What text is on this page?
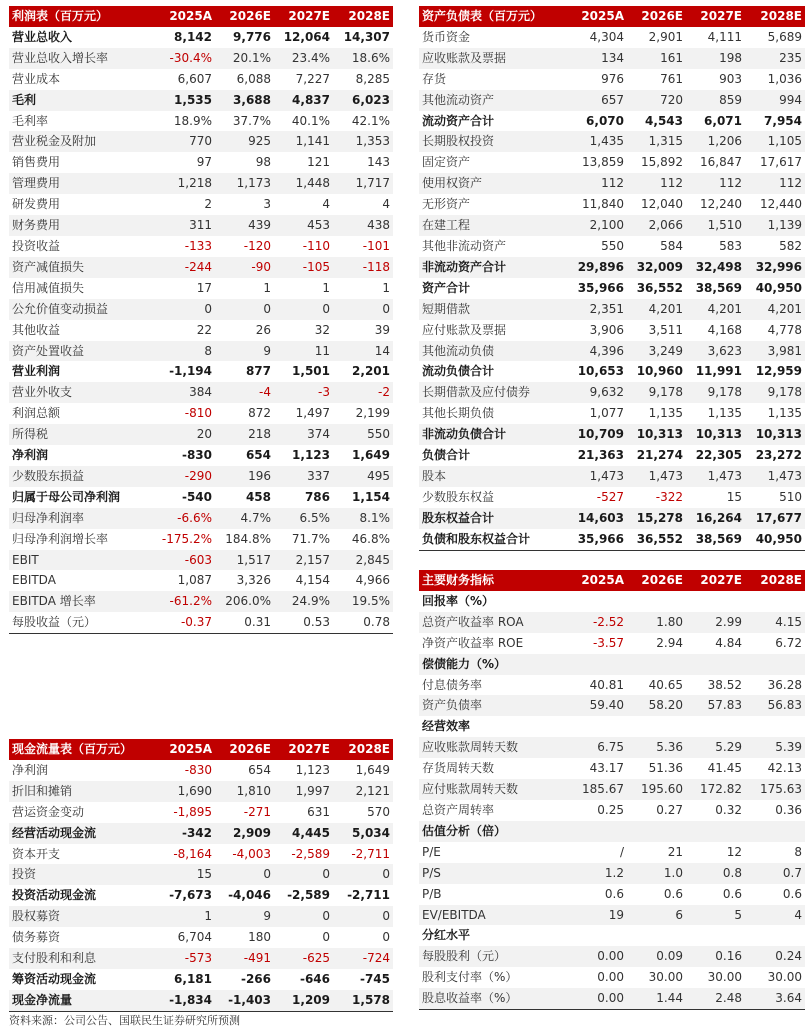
利润表（百万元）	2025A	2026E	2027E	2028E
营业总收入	8,142	9,776	12,064	14,307
营业总收入增长率	-30.4%	20.1%	23.4%	18.6%
营业成本	6,607	6,088	7,227	8,285
毛利	1,535	3,688	4,837	6,023
毛利率	18.9%	37.7%	40.1%	42.1%
营业税金及附加	770	925	1,141	1,353
销售费用	97	98	121	143
管理费用	1,218	1,173	1,448	1,717
研发费用	2	3	4	4
财务费用	311	439	453	438
投资收益	-133	-120	-110	-101
资产减值损失	-244	-90	-105	-118
信用减值损失	17	1	1	1
公允价值变动损益	0	0	0	0
其他收益	22	26	32	39
资产处置收益	8	9	11	14
营业利润	-1,194	877	1,501	2,201
营业外收支	384	-4	-3	-2
利润总额	-810	872	1,497	2,199
所得税	20	218	374	550
净利润	-830	654	1,123	1,649
少数股东损益	-290	196	337	495
归属于母公司净利润	-540	458	786	1,154
归母净利润率	-6.6%	4.7%	6.5%	8.1%
归母净利润增长率	-175.2%	184.8%	71.7%	46.8%
EBIT	-603	1,517	2,157	2,845
EBITDA	1,087	3,326	4,154	4,966
EBITDA 增长率	-61.2%	206.0%	24.9%	19.5%
每股收益（元）	-0.37	0.31	0.53	0.78
资产负债表（百万元）	2025A	2026E	2027E	2028E
货币资金	4,304	2,901	4,111	5,689
应收账款及票据	134	161	198	235
存货	976	761	903	1,036
其他流动资产	657	720	859	994
流动资产合计	6,070	4,543	6,071	7,954
长期股权投资	1,435	1,315	1,206	1,105
固定资产	13,859	15,892	16,847	17,617
使用权资产	112	112	112	112
无形资产	11,840	12,040	12,240	12,440
在建工程	2,100	2,066	1,510	1,139
其他非流动资产	550	584	583	582
非流动资产合计	29,896	32,009	32,498	32,996
资产合计	35,966	36,552	38,569	40,950
短期借款	2,351	4,201	4,201	4,201
应付账款及票据	3,906	3,511	4,168	4,778
其他流动负债	4,396	3,249	3,623	3,981
流动负债合计	10,653	10,960	11,991	12,959
长期借款及应付债券	9,632	9,178	9,178	9,178
其他长期负债	1,077	1,135	1,135	1,135
非流动负债合计	10,709	10,313	10,313	10,313
负债合计	21,363	21,274	22,305	23,272
股本	1,473	1,473	1,473	1,473
少数股东权益	-527	-322	15	510
股东权益合计	14,603	15,278	16,264	17,677
负债和股东权益合计	35,966	36,552	38,569	40,950
现金流量表（百万元）	2025A	2026E	2027E	2028E
净利润	-830	654	1,123	1,649
折旧和摊销	1,690	1,810	1,997	2,121
营运资金变动	-1,895	-271	631	570
经营活动现金流	-342	2,909	4,445	5,034
资本开支	-8,164	-4,003	-2,589	-2,711
投资	15	0	0	0
投资活动现金流	-7,673	-4,046	-2,589	-2,711
股权募资	1	9	0	0
债务募资	6,704	180	0	0
支付股利和利息	-573	-491	-625	-724
筹资活动现金流	6,181	-266	-646	-745
现金净流量	-1,834	-1,403	1,209	1,578
主要财务指标	2025A	2026E	2027E	2028E
回报率（%）				
总资产收益率 ROA	-2.52	1.80	2.99	4.15
净资产收益率 ROE	-3.57	2.94	4.84	6.72
偿债能力（%）				
付息债务率	40.81	40.65	38.52	36.28
资产负债率	59.40	58.20	57.83	56.83
经营效率				
应收账款周转天数	6.75	5.36	5.29	5.39
存货周转天数	43.17	51.36	41.45	42.13
应付账款周转天数	185.67	195.60	172.82	175.63
总资产周转率	0.25	0.27	0.32	0.36
估值分析（倍）				
P/E	/	21	12	8
P/S	1.2	1.0	0.8	0.7
P/B	0.6	0.6	0.6	0.6
EV/EBITDA	19	6	5	4
分红水平				
每股股利（元）	0.00	0.09	0.16	0.24
股利支付率（%）	0.00	30.00	30.00	30.00
股息收益率（%）	0.00	1.44	2.48	3.64
资料来源：公司公告、国联民生证券研究所预测
